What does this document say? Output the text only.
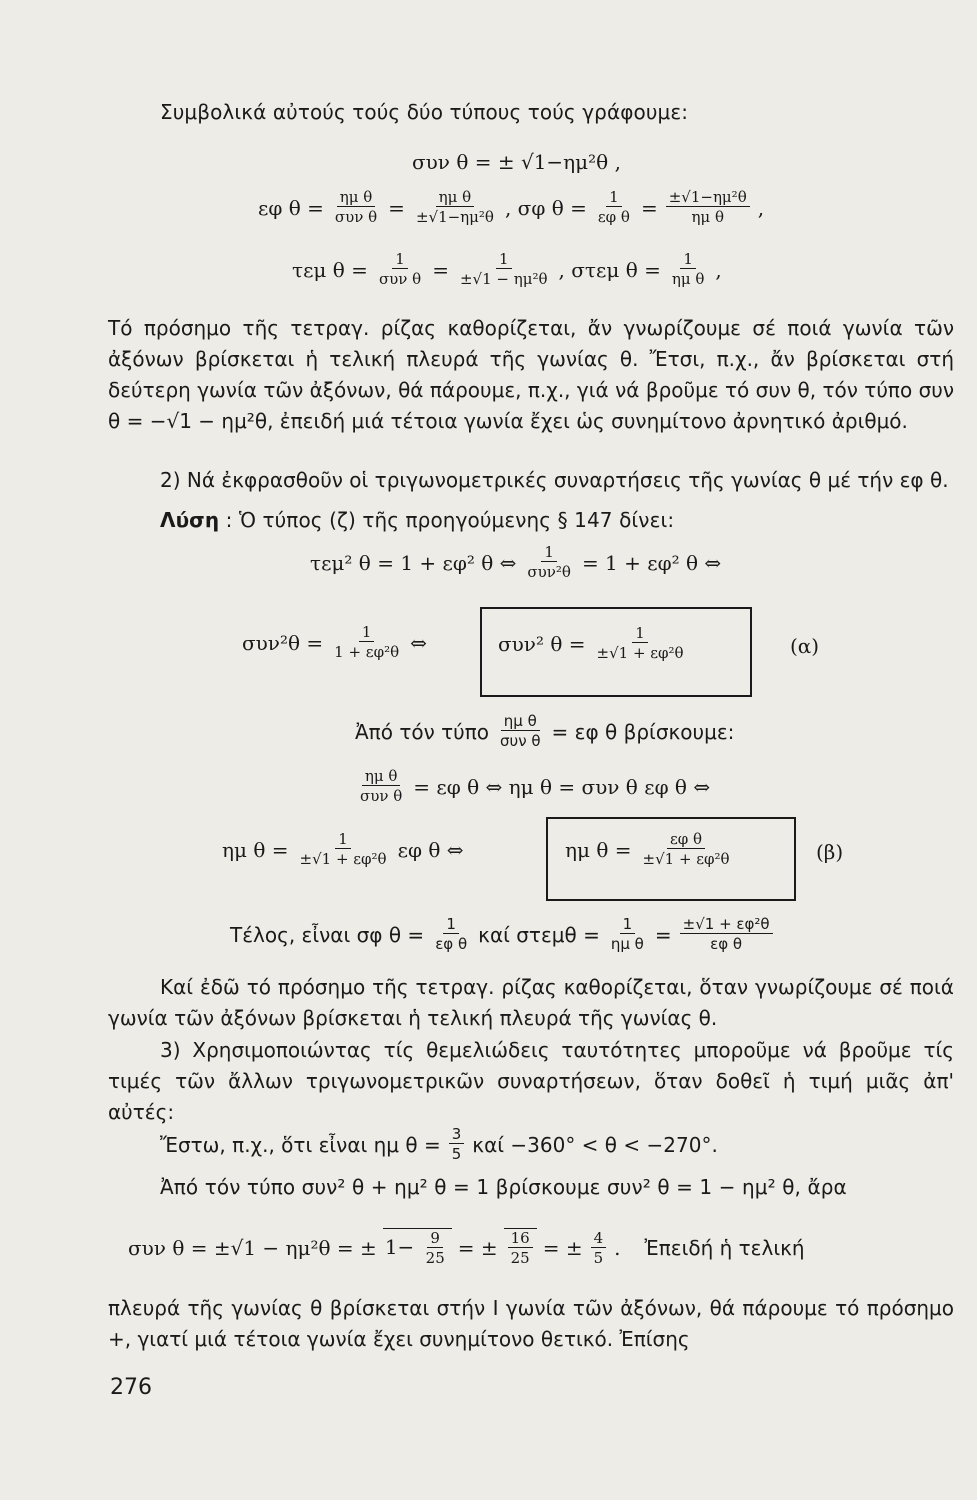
Συμβολικά αὐτούς τούς δύο τύπους τούς γράφουμε:
συν θ = ± √1−ημ²θ ,
εφ $\theta = \frac{\text{ημ θ}}{\text{συν θ}} = \frac{\text{ημ θ}}{\text{±√1−ημ²θ}}$ , σφ $\theta = \frac{1}{\text{εφ θ}} = \frac{\text{±√1−ημ²θ}}{\text{ημ θ}}$ ,
τεμ $\theta = \frac{1}{\text{συν θ}} = \frac{1}{\text{±√1 − ημ²θ}}$ , στεμ $\theta = \frac{1}{\text{ημ θ}}$ ,
Τό πρόσημο τῆς τετραγ. ρίζας καθορίζεται, ἄν γνωρίζουμε σέ ποιά γωνία τῶν ἀξόνων βρίσκεται ἡ τελική πλευρά τῆς γωνίας θ. Ἔτσι, π.χ., ἄν βρίσκεται στή δεύτερη γωνία τῶν ἀξόνων, θά πάρουμε, π.χ., γιά νά βροῦμε τό συν θ, τόν τύπο συν θ = −√1 − ημ²θ, ἐπειδή μιά τέτοια γωνία ἔχει ὡς συνημίτονο ἀρνητικό ἀριθμό.
2) Νά ἐκφρασθοῦν οἱ τριγωνομετρικές συναρτήσεις τῆς γωνίας θ μέ τήν εφ θ.
Λύση : Ὁ τύπος (ζ) τῆς προηγούμενης § 147 δίνει:
τεμ² θ = 1 + εφ² θ ⇔ $\frac{1}{\text{συν²θ}} = 1 + \varepsilon\varphi^2$ θ ⇔
$\sigma\upsilon\nu^2\theta = \frac{1}{\text{1 + εφ²θ}}$ ⇔	συν² $\theta = \frac{1}{\text{±√1 + εφ²θ}}$	(α)
Ἀπό τόν τύπο $\frac{\text{ημ θ}}{\text{συν θ}} = \varepsilon\varphi$ θ βρίσκουμε:
$\frac{\text{ημ θ}}{\text{συν θ}} = \varepsilon\varphi$ θ ⇔ ημ θ = συν θ εφ θ ⇔
ημ $\theta = \frac{1}{\text{±√1 + εφ²θ}}$ εφ θ ⇔	ημ $\theta = \frac{\text{εφ θ}}{\text{±√1 + εφ²θ}}$	(β)
Τέλος, εἶναι σφ $\theta = \frac{1}{\text{εφ θ}}$ καί $\sigma\tau\varepsilon\mu\theta = \frac{1}{\text{ημ θ}} = \frac{\text{±√1 + εφ²θ}}{\text{εφ θ}}$
Καί ἐδῶ τό πρόσημο τῆς τετραγ. ρίζας καθορίζεται, ὅταν γνωρίζουμε σέ ποιά γωνία τῶν ἀξόνων βρίσκεται ἡ τελική πλευρά τῆς γωνίας θ.
3) Χρησιμοποιώντας τίς θεμελιώδεις ταυτότητες μποροῦμε νά βροῦμε τίς τιμές τῶν ἄλλων τριγωνομετρικῶν συναρτήσεων, ὅταν δοθεῖ ἡ τιμή μιᾶς ἀπ' αὐτές:
Ἔστω, π.χ., ὅτι εἶναι ημ $\theta = \frac{3}{5}$ καί −360° < θ < −270°.
Ἀπό τόν τύπο συν² θ + ημ² θ = 1 βρίσκουμε συν² θ = 1 − ημ² θ, ἄρα
συν θ = ±√1 − ημ²θ = ± $1- \frac{9}{25}$ = ± $\frac{16}{25}$ = ± $\frac{4}{5}$ . Ἐπειδή ἡ τελική
πλευρά τῆς γωνίας θ βρίσκεται στήν Ι γωνία τῶν ἀξόνων, θά πάρουμε τό πρόσημο +, γιατί μιά τέτοια γωνία ἔχει συνημίτονο θετικό. Ἐπίσης
276
